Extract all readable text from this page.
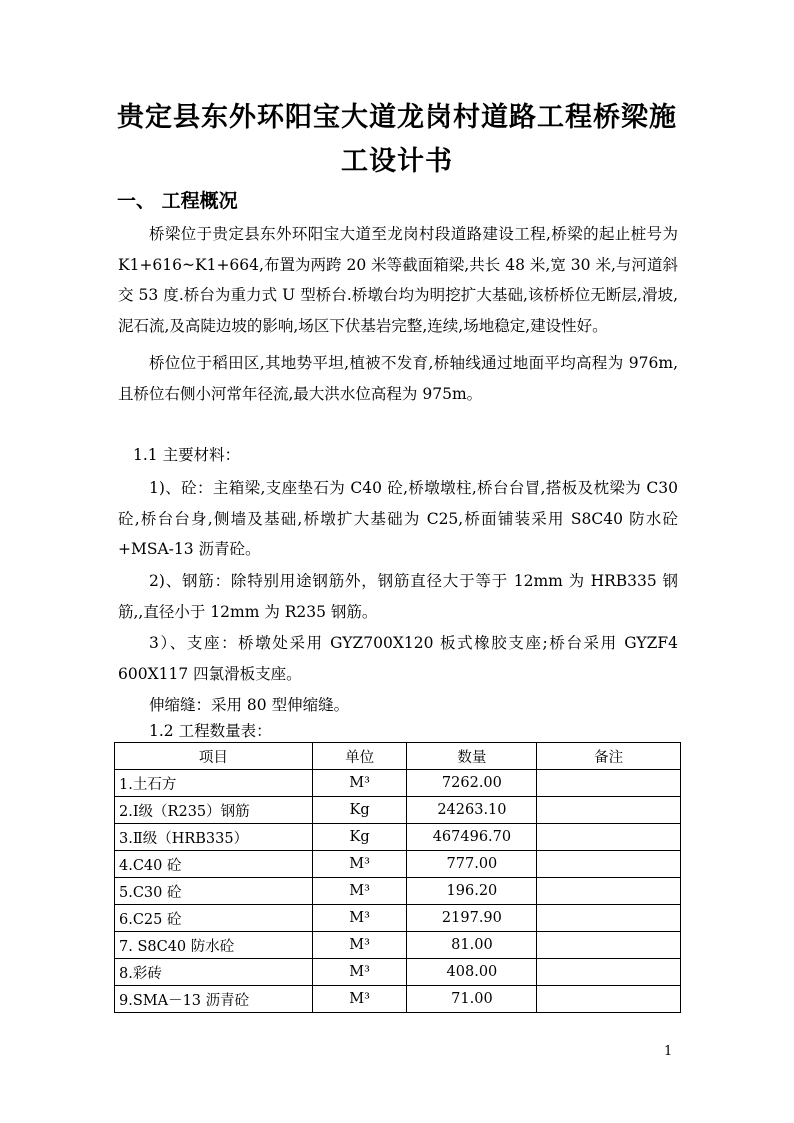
贵定县东外环阳宝大道龙岗村道路工程桥梁施
工设计书
一、 工程概况

桥梁位于贵定县东外环阳宝大道至龙岗村段道路建设工程,桥梁的起止桩号为 K1+616~K1+664,布置为两跨 20 米等截面箱梁,共长 48 米,宽 30 米,与河道斜交 53 度.桥台为重力式 U 型桥台.桥墩台均为明挖扩大基础,该桥桥位无断层,滑坡,泥石流,及高陡边坡的影响,场区下伏基岩完整,连续,场地稳定,建设性好。

桥位位于稻田区,其地势平坦,植被不发育,桥轴线通过地面平均高程为 976m,且桥位右侧小河常年径流,最大洪水位高程为 975m。

1.1 主要材料：

1)、砼：主箱梁,支座垫石为 C40 砼,桥墩墩柱,桥台台冒,搭板及枕梁为 C30 砼,桥台台身,侧墙及基础,桥墩扩大基础为 C25,桥面铺装采用 S8C40 防水砼+MSA-13 沥青砼。

2)、钢筋：除特别用途钢筋外，钢筋直径大于等于 12mm 为 HRB335 钢筋,,直径小于 12mm 为 R235 钢筋。

3）、支座：桥墩处采用 GYZ700X120 板式橡胶支座;桥台采用 GYZF4 600X117 四氯滑板支座。

伸缩缝：采用 80 型伸缩缝。
1.2 工程数量表：
项目	单位	数量	备注
1.土石方	M³	7262.00	
2.Ⅰ级（R235）钢筋	Kg	24263.10	
3.Ⅱ级（HRB335）	Kg	467496.70	
4.C40 砼	M³	777.00	
5.C30 砼	M³	196.20	
6.C25 砼	M³	2197.90	
7. S8C40 防水砼	M³	81.00	
8.彩砖	M³	408.00	
9.SMA－13 沥青砼	M³	71.00	
1
